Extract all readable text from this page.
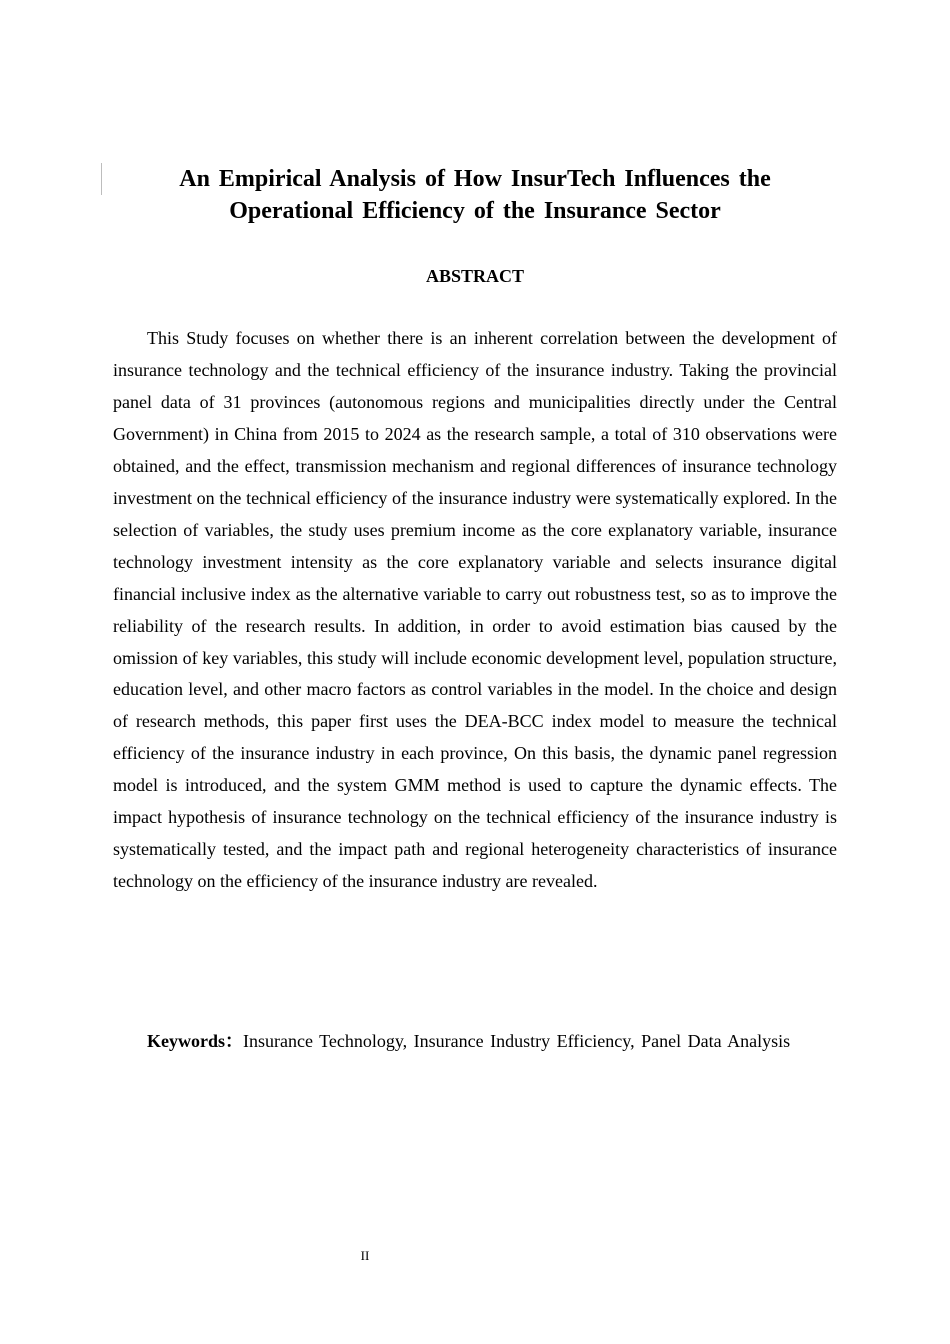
An Empirical Analysis of How InsurTech Influences the
Operational Efficiency of the Insurance Sector
ABSTRACT

This Study focuses on whether there is an inherent correlation between the development of insurance technology and the technical efficiency of the insurance industry. Taking the provincial panel data of 31 provinces (autonomous regions and municipalities directly under the Central Government) in China from 2015 to 2024 as the research sample, a total of 310 observations were obtained, and the effect, transmission mechanism and regional differences of insurance technology investment on the technical efficiency of the insurance industry were systematically explored. In the selection of variables, the study uses premium income as the core explanatory variable, insurance technology investment intensity as the core explanatory variable and selects insurance digital financial inclusive index as the alternative variable to carry out robustness test, so as to improve the reliability of the research results. In addition, in order to avoid estimation bias caused by the omission of key variables, this study will include economic development level, population structure, education level, and other macro factors as control variables in the model. In the choice and design of research methods, this paper first uses the DEA-BCC index model to measure the technical efficiency of the insurance industry in each province, On this basis, the dynamic panel regression model is introduced, and the system GMM method is used to capture the dynamic effects. The impact hypothesis of insurance technology on the technical efficiency of the insurance industry is systematically tested, and the impact path and regional heterogeneity characteristics of insurance technology on the efficiency of the insurance industry are revealed.

Keywords：Insurance Technology, Insurance Industry Efficiency, Panel Data Analysis

II
